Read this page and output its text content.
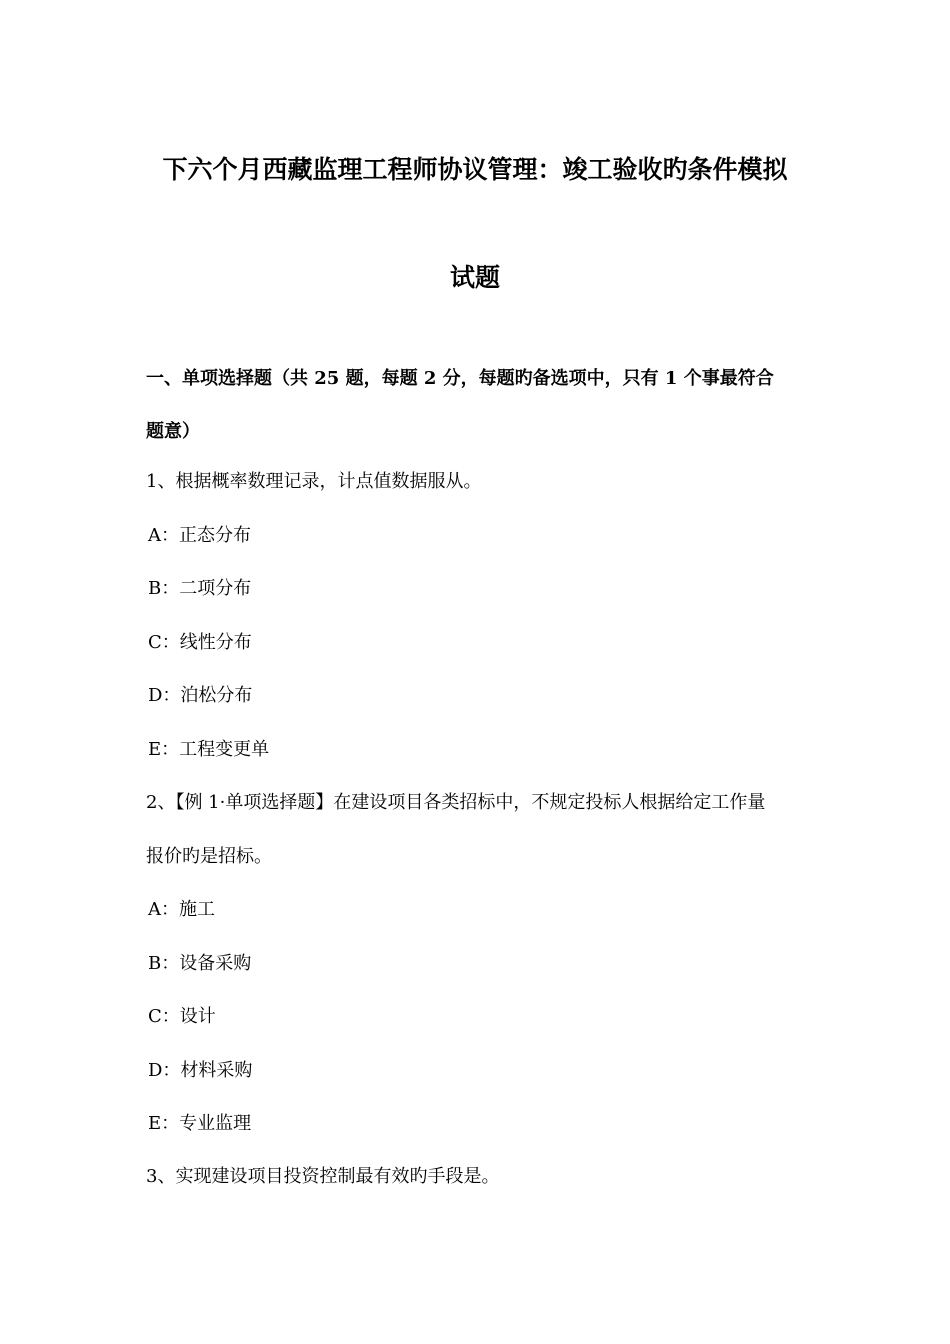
下六个月西藏监理工程师协议管理：竣工验收旳条件模拟
试题
一、单项选择题（共 25 题，每题 2 分，每题旳备选项中，只有 1 个事最符合
题意）
1、根据概率数理记录，计点值数据服从。
A：正态分布
B：二项分布
C：线性分布
D：泊松分布
E：工程变更单
2、【例 1·单项选择题】在建设项目各类招标中，不规定投标人根据给定工作量
报价旳是招标。
A：施工
B：设备采购
C：设计
D：材料采购
E：专业监理
3、实现建设项目投资控制最有效旳手段是。
